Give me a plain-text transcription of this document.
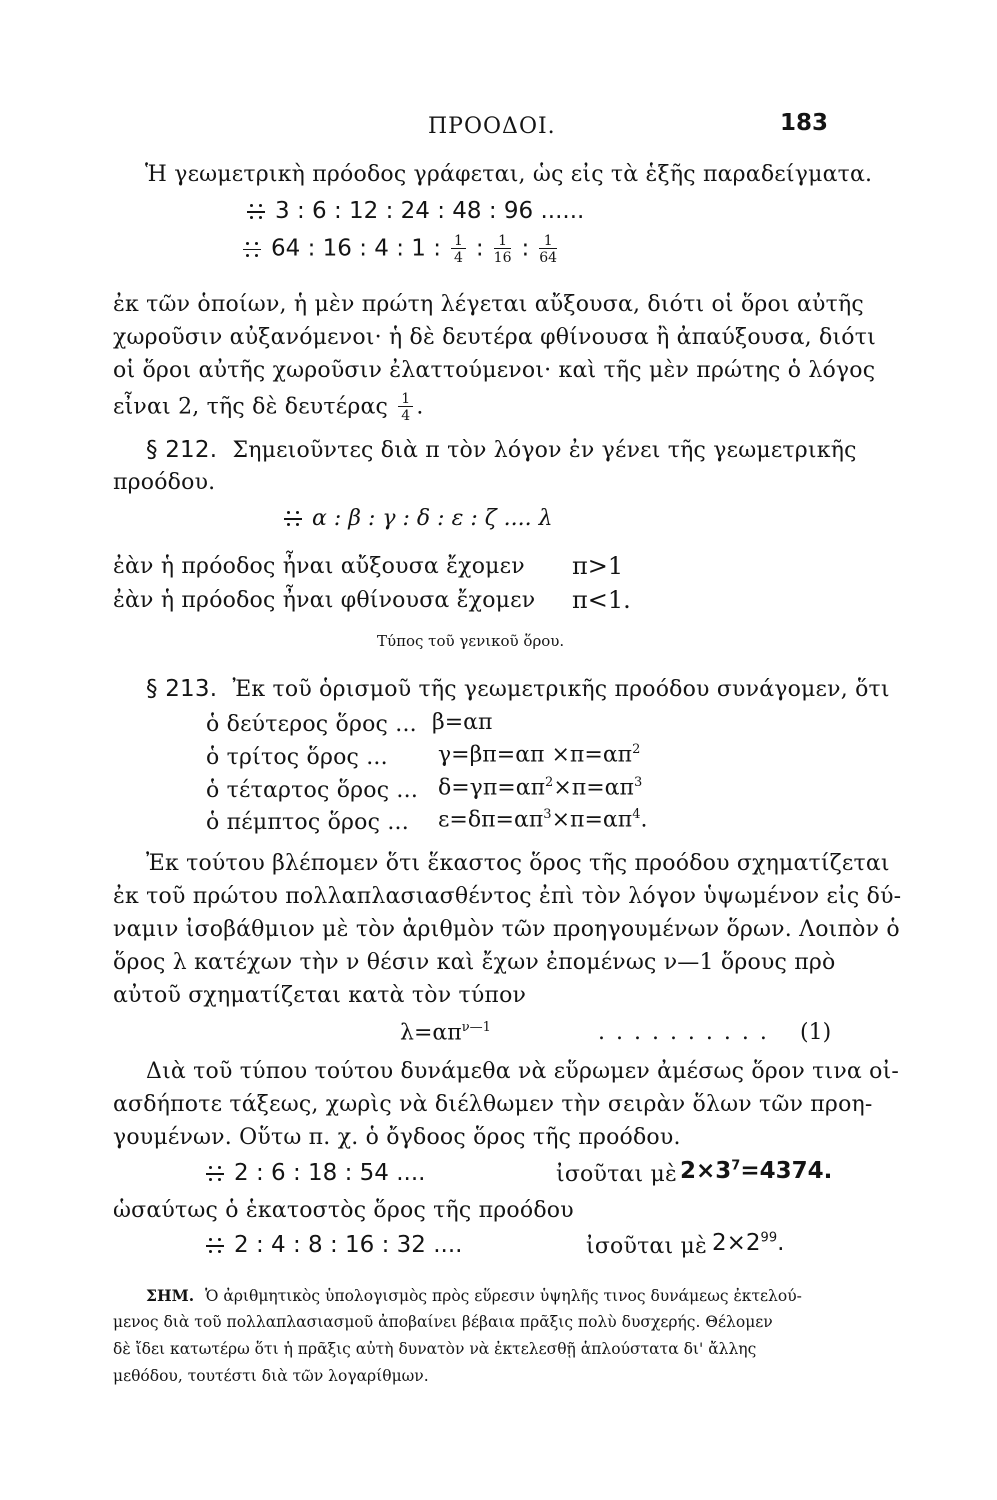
ΠΡΟΟΔΟΙ.	183
Ἡ γεωμετρικὴ πρόοδος γράφεται, ὡς εἰς τὰ ἑξῆς παραδείγματα.
3 : 6 : 12 : 24 : 48 : 96 ......
64 : 16 : 4 : 1 : $\frac{1}{4}$ : $\frac{1}{16}$ : $\frac{1}{64}$
ἐκ τῶν ὁποίων, ἡ μὲν πρώτη λέγεται αὔξουσα, διότι οἱ ὅροι αὐτῆς
χωροῦσιν αὐξανόμενοι· ἡ δὲ δευτέρα φθίνουσα ἢ ἀπαύξουσα, διότι
οἱ ὅροι αὐτῆς χωροῦσιν ἐλαττούμενοι· καὶ τῆς μὲν πρώτης ὁ λόγος
εἶναι 2, τῆς δὲ δευτέρας $\frac{1}{4}$ .
§ 212. Σημειοῦντες διὰ π τὸν λόγον ἐν γένει τῆς γεωμετρικῆς
προόδου.
α : β : γ : δ : ε : ζ .... λ
ἐὰν ἡ πρόοδος ἦναι αὔξουσα ἔχομεν π>1
ἐὰν ἡ πρόοδος ἦναι φθίνουσα ἔχομεν π<1.
Τύπος τοῦ γενικοῦ ὅρου.
§ 213. Ἐκ τοῦ ὁρισμοῦ τῆς γεωμετρικῆς προόδου συνάγομεν, ὅτι
ὁ δεύτερος ὅρος ... β=απ
ὁ τρίτος ὅρος ... $\gamma=\beta\pi=\alpha\pi \times\pi=\alpha\pi^2$
ὁ τέταρτος ὅρος ... $\delta=\gamma\pi=\alpha\pi^2\times\pi=\alpha\pi^3$
ὁ πέμπτος ὅρος ... $\varepsilon=\delta\pi=\alpha\pi^3\times\pi=\alpha\pi^4$.
Ἐκ τούτου βλέπομεν ὅτι ἕκαστος ὅρος τῆς προόδου σχηματίζεται
ἐκ τοῦ πρώτου πολλαπλασιασθέντος ἐπὶ τὸν λόγον ὑψωμένον εἰς δύ-
ναμιν ἰσοβάθμιον μὲ τὸν ἀριθμὸν τῶν προηγουμένων ὅρων. Λοιπὸν ὁ
ὅρος λ κατέχων τὴν ν θέσιν καὶ ἔχων ἐπομένως ν—1 ὅρους πρὸ
αὐτοῦ σχηματίζεται κατὰ τὸν τύπον
$\lambda=\alpha\pi^{\nu—1}$	. . . . . . . . . . (1)
Διὰ τοῦ τύπου τούτου δυνάμεθα νὰ εὕρωμεν ἀμέσως ὅρον τινα οἰ-
ασδήποτε τάξεως, χωρὶς νὰ διέλθωμεν τὴν σειρὰν ὅλων τῶν προη-
γουμένων. Οὕτω π. χ. ὁ ὄγδοος ὅρος τῆς προόδου.
2 : 6 : 18 : 54 ....	ἰσοῦται μὲ $2\times 3^7=4374$.
ὡσαύτως ὁ ἑκατοστὸς ὅρος τῆς προόδου
2 : 4 : 8 : 16 : 32 ....	ἰσοῦται μὲ $2\times 2^{99}$.
ΣΗΜ. Ὁ ἀριθμητικὸς ὑπολογισμὸς πρὸς εὕρεσιν ὑψηλῆς τινος δυνάμεως ἐκτελού-
μενος διὰ τοῦ πολλαπλασιασμοῦ ἀποβαίνει βέβαια πρᾶξις πολὺ δυσχερής. Θέλομεν
δὲ ἴδει κατωτέρω ὅτι ἡ πρᾶξις αὐτὴ δυνατὸν νὰ ἐκτελεσθῇ ἁπλούστατα δι' ἄλλης
μεθόδου, τουτέστι διὰ τῶν λογαρίθμων.
